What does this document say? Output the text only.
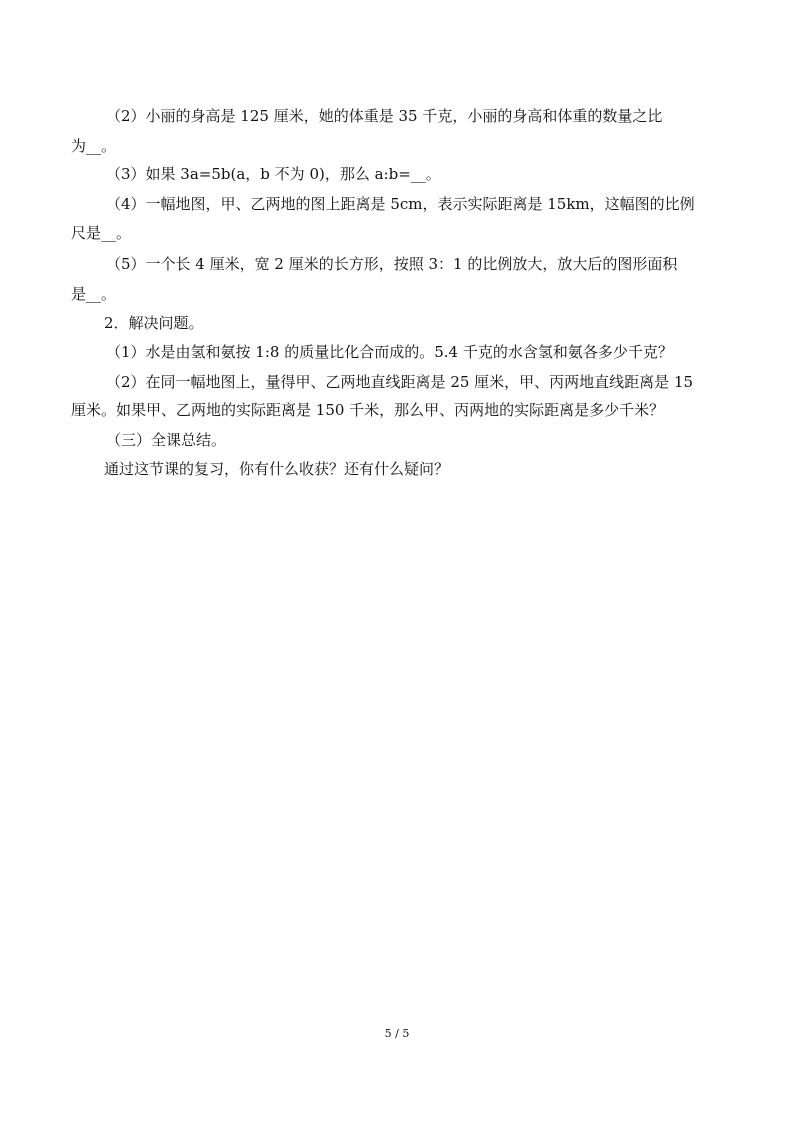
（2）小丽的身高是 125 厘米，她的体重是 35 千克，小丽的身高和体重的数量之比
为__。
（3）如果 3a=5b(a，b 不为 0)，那么 a:b=__。
（4）一幅地图，甲、乙两地的图上距离是 5cm，表示实际距离是 15km，这幅图的比例
尺是__。
（5）一个长 4 厘米，宽 2 厘米的长方形，按照 3：1 的比例放大，放大后的图形面积
是__。
2．解决问题。
（1）水是由氢和氨按 1:8 的质量比化合而成的。5.4 千克的水含氢和氨各多少千克？
（2）在同一幅地图上，量得甲、乙两地直线距离是 25 厘米，甲、丙两地直线距离是 15
厘米。如果甲、乙两地的实际距离是 150 千米，那么甲、丙两地的实际距离是多少千米？
（三）全课总结。
通过这节课的复习，你有什么收获？还有什么疑问？
5 / 5
